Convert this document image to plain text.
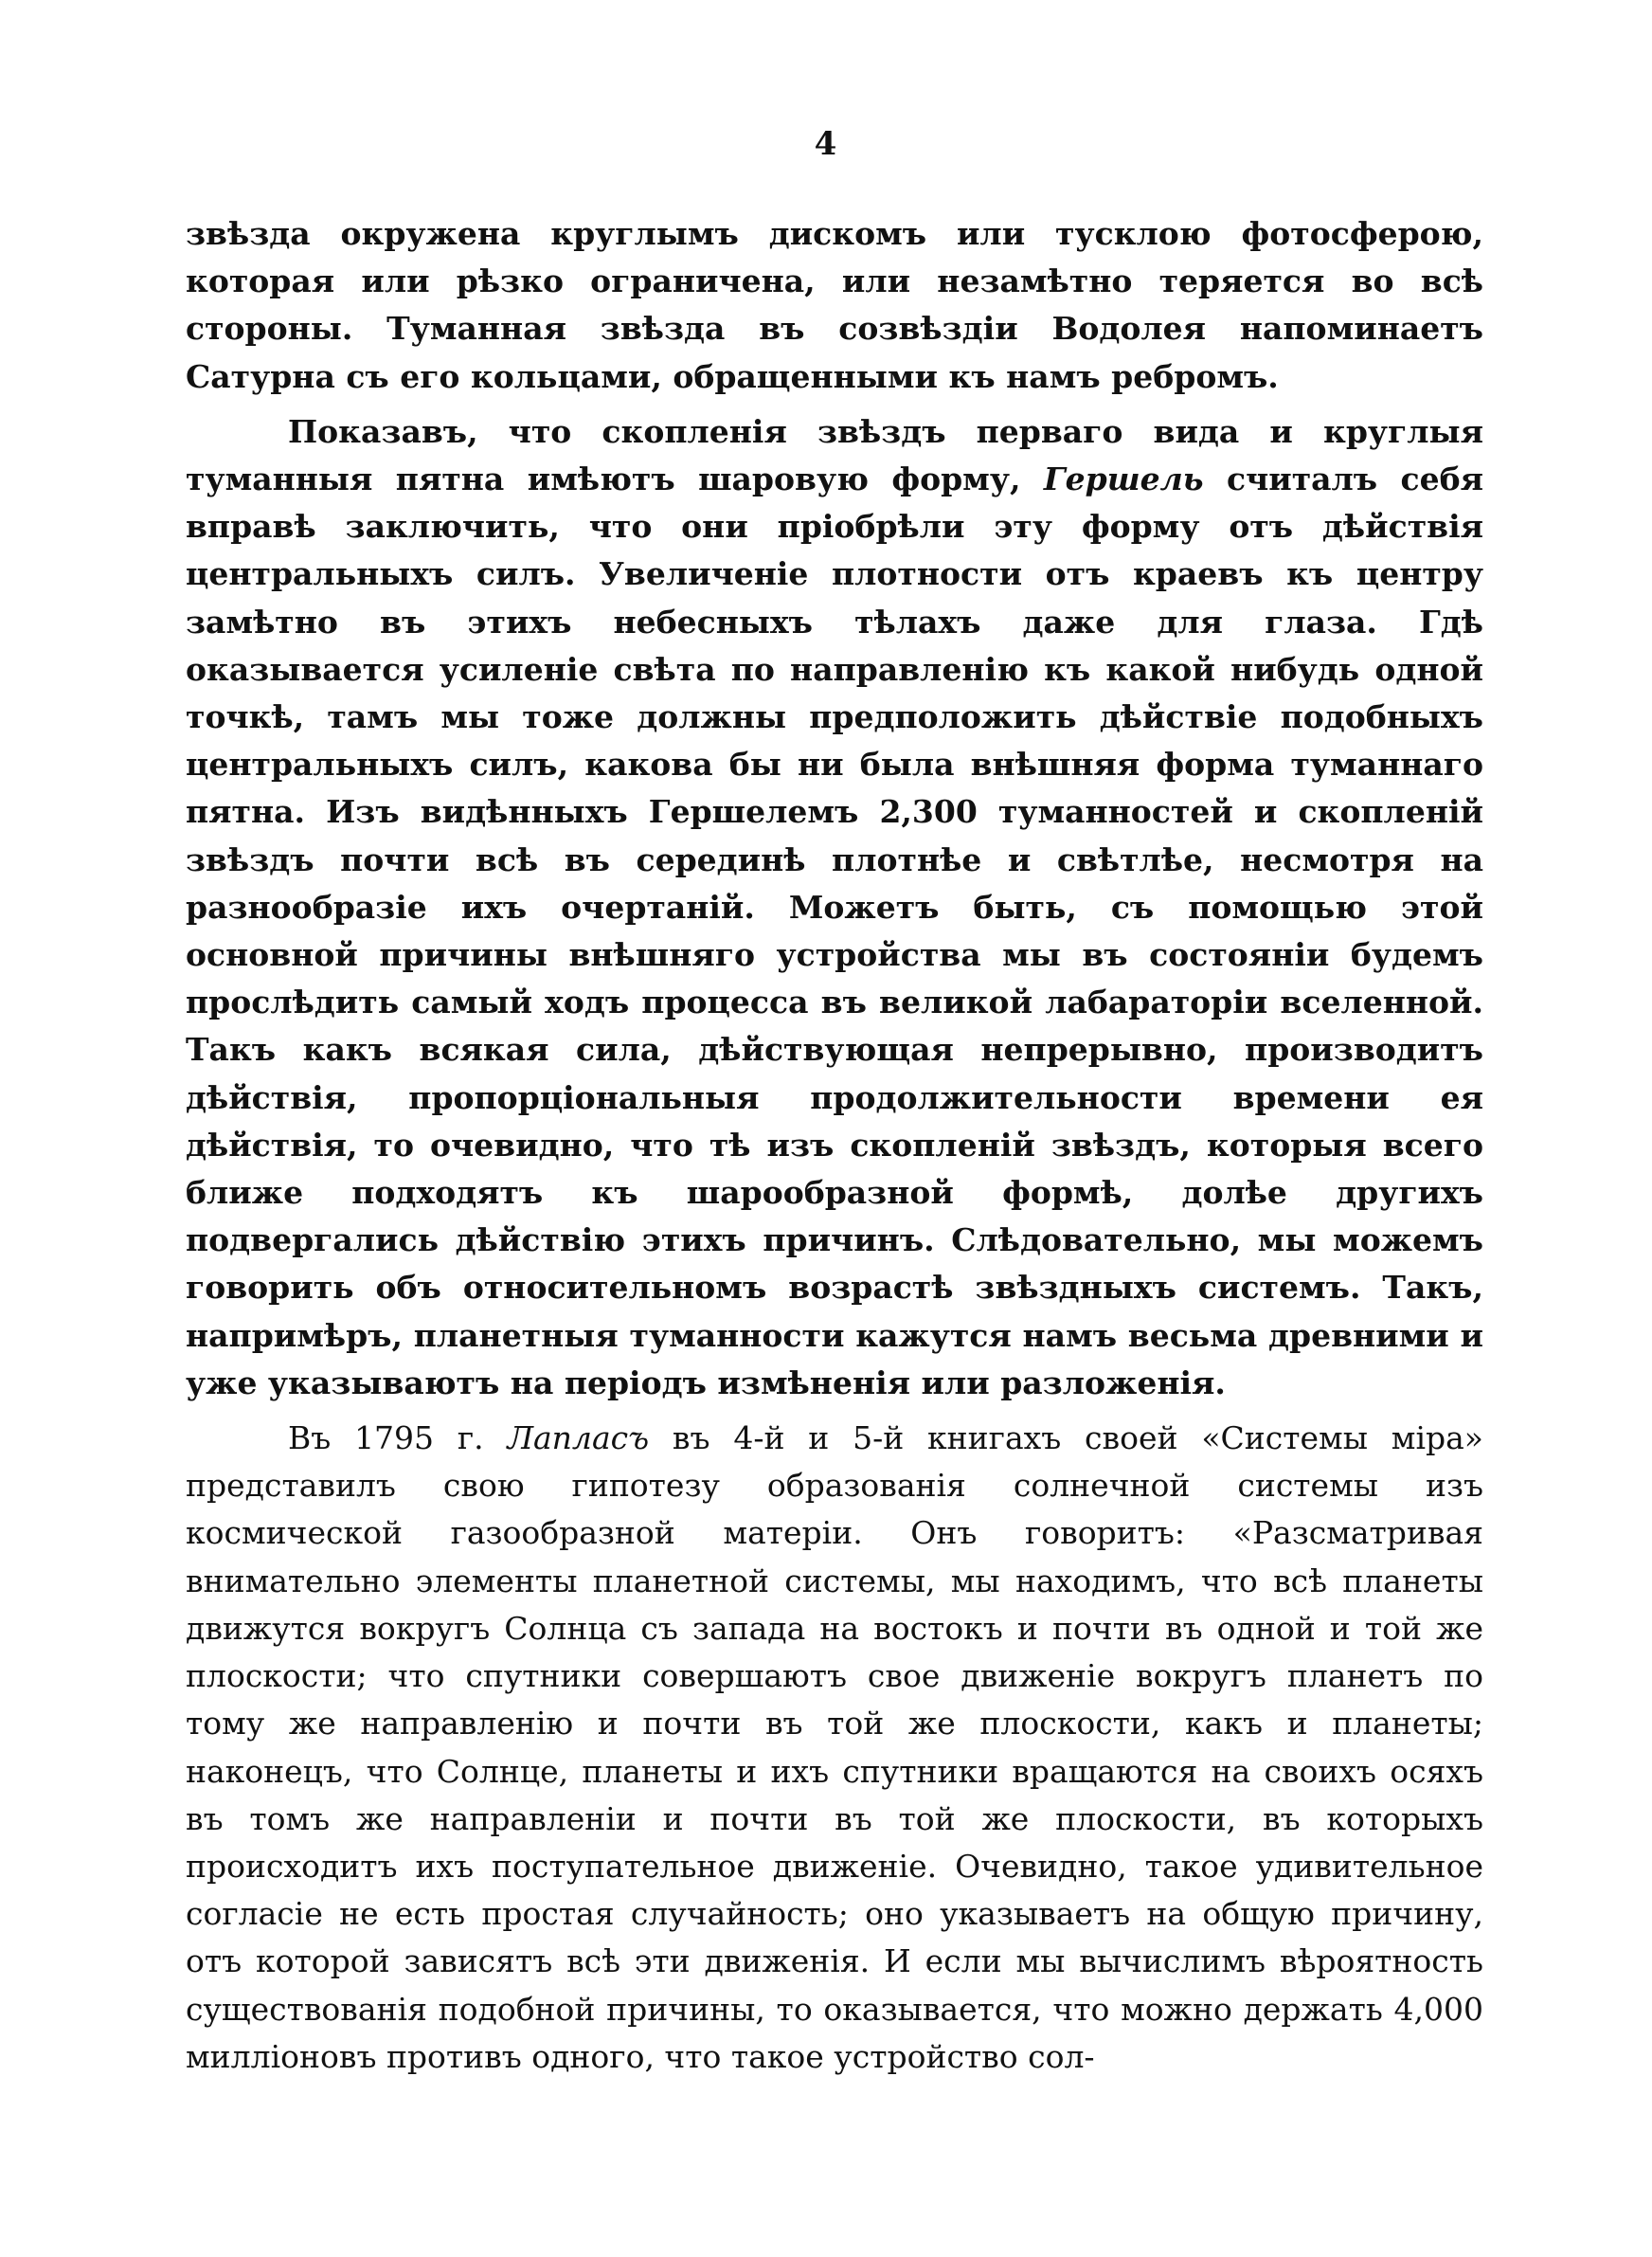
4

звѣзда окружена круглымъ дискомъ или тусклою фотосферою, которая или рѣзко ограничена, или незамѣтно теряется во всѣ стороны. Туманная звѣзда въ созвѣздіи Водолея напоминаетъ Сатурна съ его кольцами, обращенными къ намъ ребромъ.

Показавъ, что скопленія звѣздъ перваго вида и круглыя туманныя пятна имѣютъ шаровую форму, Гершель считалъ себя вправѣ заключить, что они пріобрѣли эту форму отъ дѣйствія центральныхъ силъ. Увеличеніе плотности отъ краевъ къ центру замѣтно въ этихъ небесныхъ тѣлахъ даже для глаза. Гдѣ оказывается усиленіе свѣта по направленію къ какой нибудь одной точкѣ, тамъ мы тоже должны предположить дѣйствіе подобныхъ центральныхъ силъ, какова бы ни была внѣшняя форма туманнаго пятна. Изъ видѣнныхъ Гершелемъ 2,300 туманностей и скопленій звѣздъ почти всѣ въ серединѣ плотнѣе и свѣтлѣе, несмотря на разнообразіе ихъ очертаній. Можетъ быть, съ помощью этой основной причины внѣшняго устройства мы въ состояніи будемъ прослѣдить самый ходъ процесса въ великой лабараторіи вселенной. Такъ какъ всякая сила, дѣйствующая непрерывно, производитъ дѣйствія, пропорціональныя продолжительности времени ея дѣйствія, то очевидно, что тѣ изъ скопленій звѣздъ, которыя всего ближе подходятъ къ шарообразной формѣ, долѣе другихъ подвергались дѣйствію этихъ причинъ. Слѣдовательно, мы можемъ говорить объ относительномъ возрастѣ звѣздныхъ системъ. Такъ, напримѣръ, планетныя туманности кажутся намъ весьма древними и уже указываютъ на періодъ измѣненія или разложенія.

Въ 1795 г. Лапласъ въ 4-й и 5-й книгахъ своей «Системы міра» представилъ свою гипотезу образованія солнечной системы изъ космической газообразной матеріи. Онъ говоритъ: «Разсматривая внимательно элементы планетной системы, мы находимъ, что всѣ планеты движутся вокругъ Солнца съ запада на востокъ и почти въ одной и той же плоскости; что спутники совершаютъ свое движеніе вокругъ планетъ по тому же направленію и почти въ той же плоскости, какъ и планеты; наконецъ, что Солнце, планеты и ихъ спутники вращаются на своихъ осяхъ въ томъ же направленіи и почти въ той же плоскости, въ которыхъ происходитъ ихъ поступательное движеніе. Очевидно, такое удивительное согласіе не есть простая случайность; оно указываетъ на общую причину, отъ которой зависятъ всѣ эти движенія. И если мы вычислимъ вѣроятность существованія подобной причины, то оказывается, что можно держать 4,000 милліоновъ противъ одного, что такое устройство сол-
